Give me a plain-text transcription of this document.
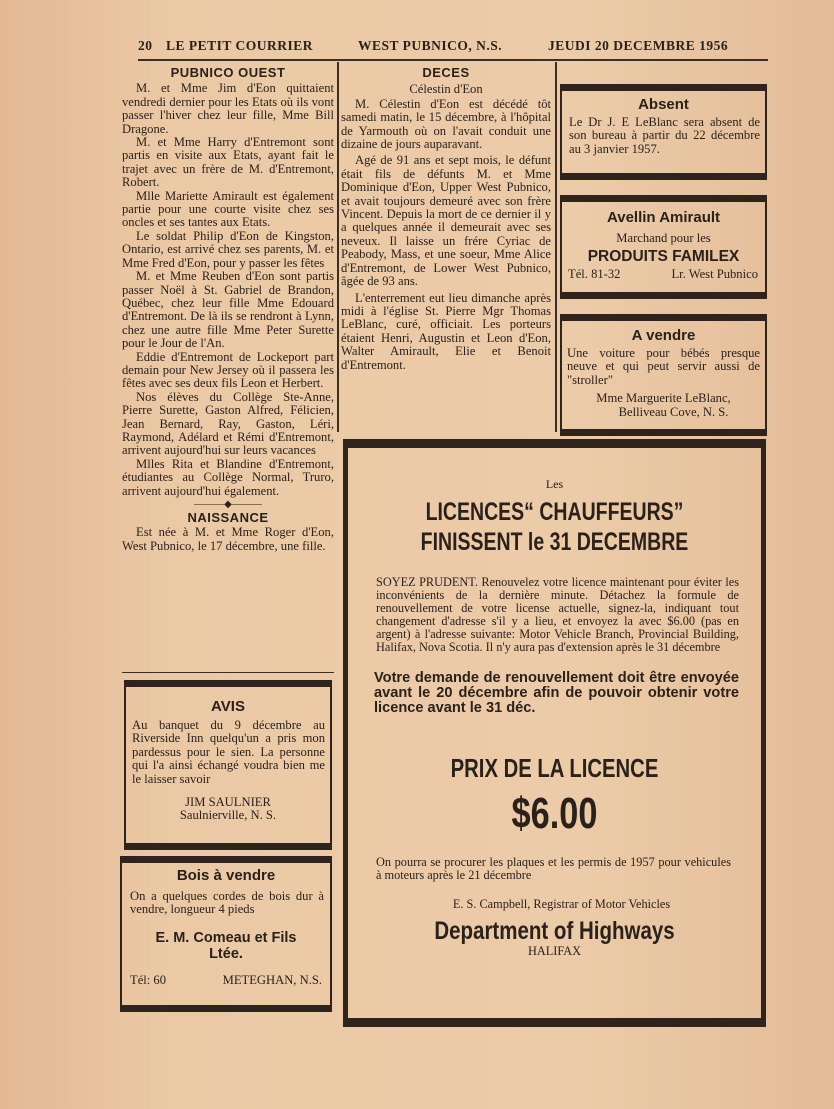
20 LE PETIT COURRIER	WEST PUBNICO, N.S.	JEUDI 20 DECEMBRE 1956
PUBNICO OUEST

M. et Mme Jim d'Eon quittaient vendredi dernier pour les Etats où ils vont passer l'hiver chez leur fille, Mme Bill Dragone.

M. et Mme Harry d'Entremont sont partis en visite aux Etats, ayant fait le trajet avec un frère de M. d'Entremont, Robert.

Mlle Mariette Amirault est également partie pour une courte visite chez ses oncles et ses tantes aux Etats.

Le soldat Philip d'Eon de Kingston, Ontario, est arrivé chez ses parents, M. et Mme Fred d'Eon, pour y passer les fêtes

M. et Mme Reuben d'Eon sont partis passer Noël à St. Gabriel de Brandon, Québec, chez leur fille Mme Edouard d'Entremont. De là ils se rendront à Lynn, chez une autre fille Mme Peter Surette pour le Jour de l'An.

Eddie d'Entremont de Lockeport part demain pour New Jersey où il passera les fêtes avec ses deux fils Leon et Herbert.

Nos élèves du Collège Ste-Anne, Pierre Surette, Gaston Alfred, Félicien, Jean Bernard, Ray, Gaston, Léri, Raymond, Adélard et Rémi d'Entremont, arrivent aujourd'hui sur leurs vacances

Mlles Rita et Blandine d'Entremont, étudiantes au Collège Normal, Truro, arrivent aujourd'hui également.

———◆———
NAISSANCE

Est née à M. et Mme Roger d'Eon, West Pubnico, le 17 décembre, une fille.

DECES
Célestin d'Eon

M. Célestin d'Eon est décédé tôt samedi matin, le 15 décembre, à l'hôpital de Yarmouth où on l'avait conduit une dizaine de jours auparavant.

Agé de 91 ans et sept mois, le défunt était fils de défunts M. et Mme Dominique d'Eon, Upper West Pubnico, et avait toujours demeuré avec son frère Vincent. Depuis la mort de ce dernier il y a quelques année il demeurait avec ses neveux. Il laisse un frére Cyriac de Peabody, Mass, et une soeur, Mme Alice d'Entremont, de Lower West Pubnico, âgée de 93 ans.

L'enterrement eut lieu dimanche après midi à l'église St. Pierre Mgr Thomas LeBlanc, curé, officiait. Les porteurs étaient Henri, Augustin et Leon d'Eon, Walter Amirault, Elie et Benoit d'Entremont.

Absent
Le Dr J. E LeBlanc sera absent de son bureau à partir du 22 décembre au 3 janvier 1957.
Avellin Amirault
Marchand pour les
PRODUITS FAMILEX
Tél. 81-32	Lr. West Pubnico
A vendre
Une voiture pour bébés presque neuve et qui peut servir aussi de "stroller"
Mme Marguerite LeBlanc,
Belliveau Cove, N. S.
AVIS
Au banquet du 9 décembre au Riverside Inn quelqu'un a pris mon pardessus pour le sien. La personne qui l'a ainsi échangé voudra bien me le laisser savoir
JIM SAULNIER
Saulnierville, N. S.
Bois à vendre
On a quelques cordes de bois dur à vendre, longueur 4 pieds
E. M. Comeau et Fils
Ltée.
Tél: 60	METEGHAN, N.S.
Les
LICENCES“ CHAUFFEURS”
FINISSENT le 31 DECEMBRE
SOYEZ PRUDENT. Renouvelez votre licence maintenant pour éviter les inconvénients de la dernière minute. Détachez la formule de renouvellement de votre license actuelle, signez-la, indiquant tout changement d'adresse s'il y a lieu, et envoyez la avec $6.00 (pas en argent) à l'adresse suivante: Motor Vehicle Branch, Provincial Building, Halifax, Nova Scotia. Il n'y aura pas d'extension après le 31 décembre
Votre demande de renouvellement doit être envoyée avant le 20 décembre afin de pouvoir obtenir votre licence avant le 31 déc.
PRIX DE LA LICENCE
$6.00
On pourra se procurer les plaques et les permis de 1957 pour vehicules à moteurs après le 21 décembre
E. S. Campbell, Registrar of Motor Vehicles
Department of Highways
HALIFAX
